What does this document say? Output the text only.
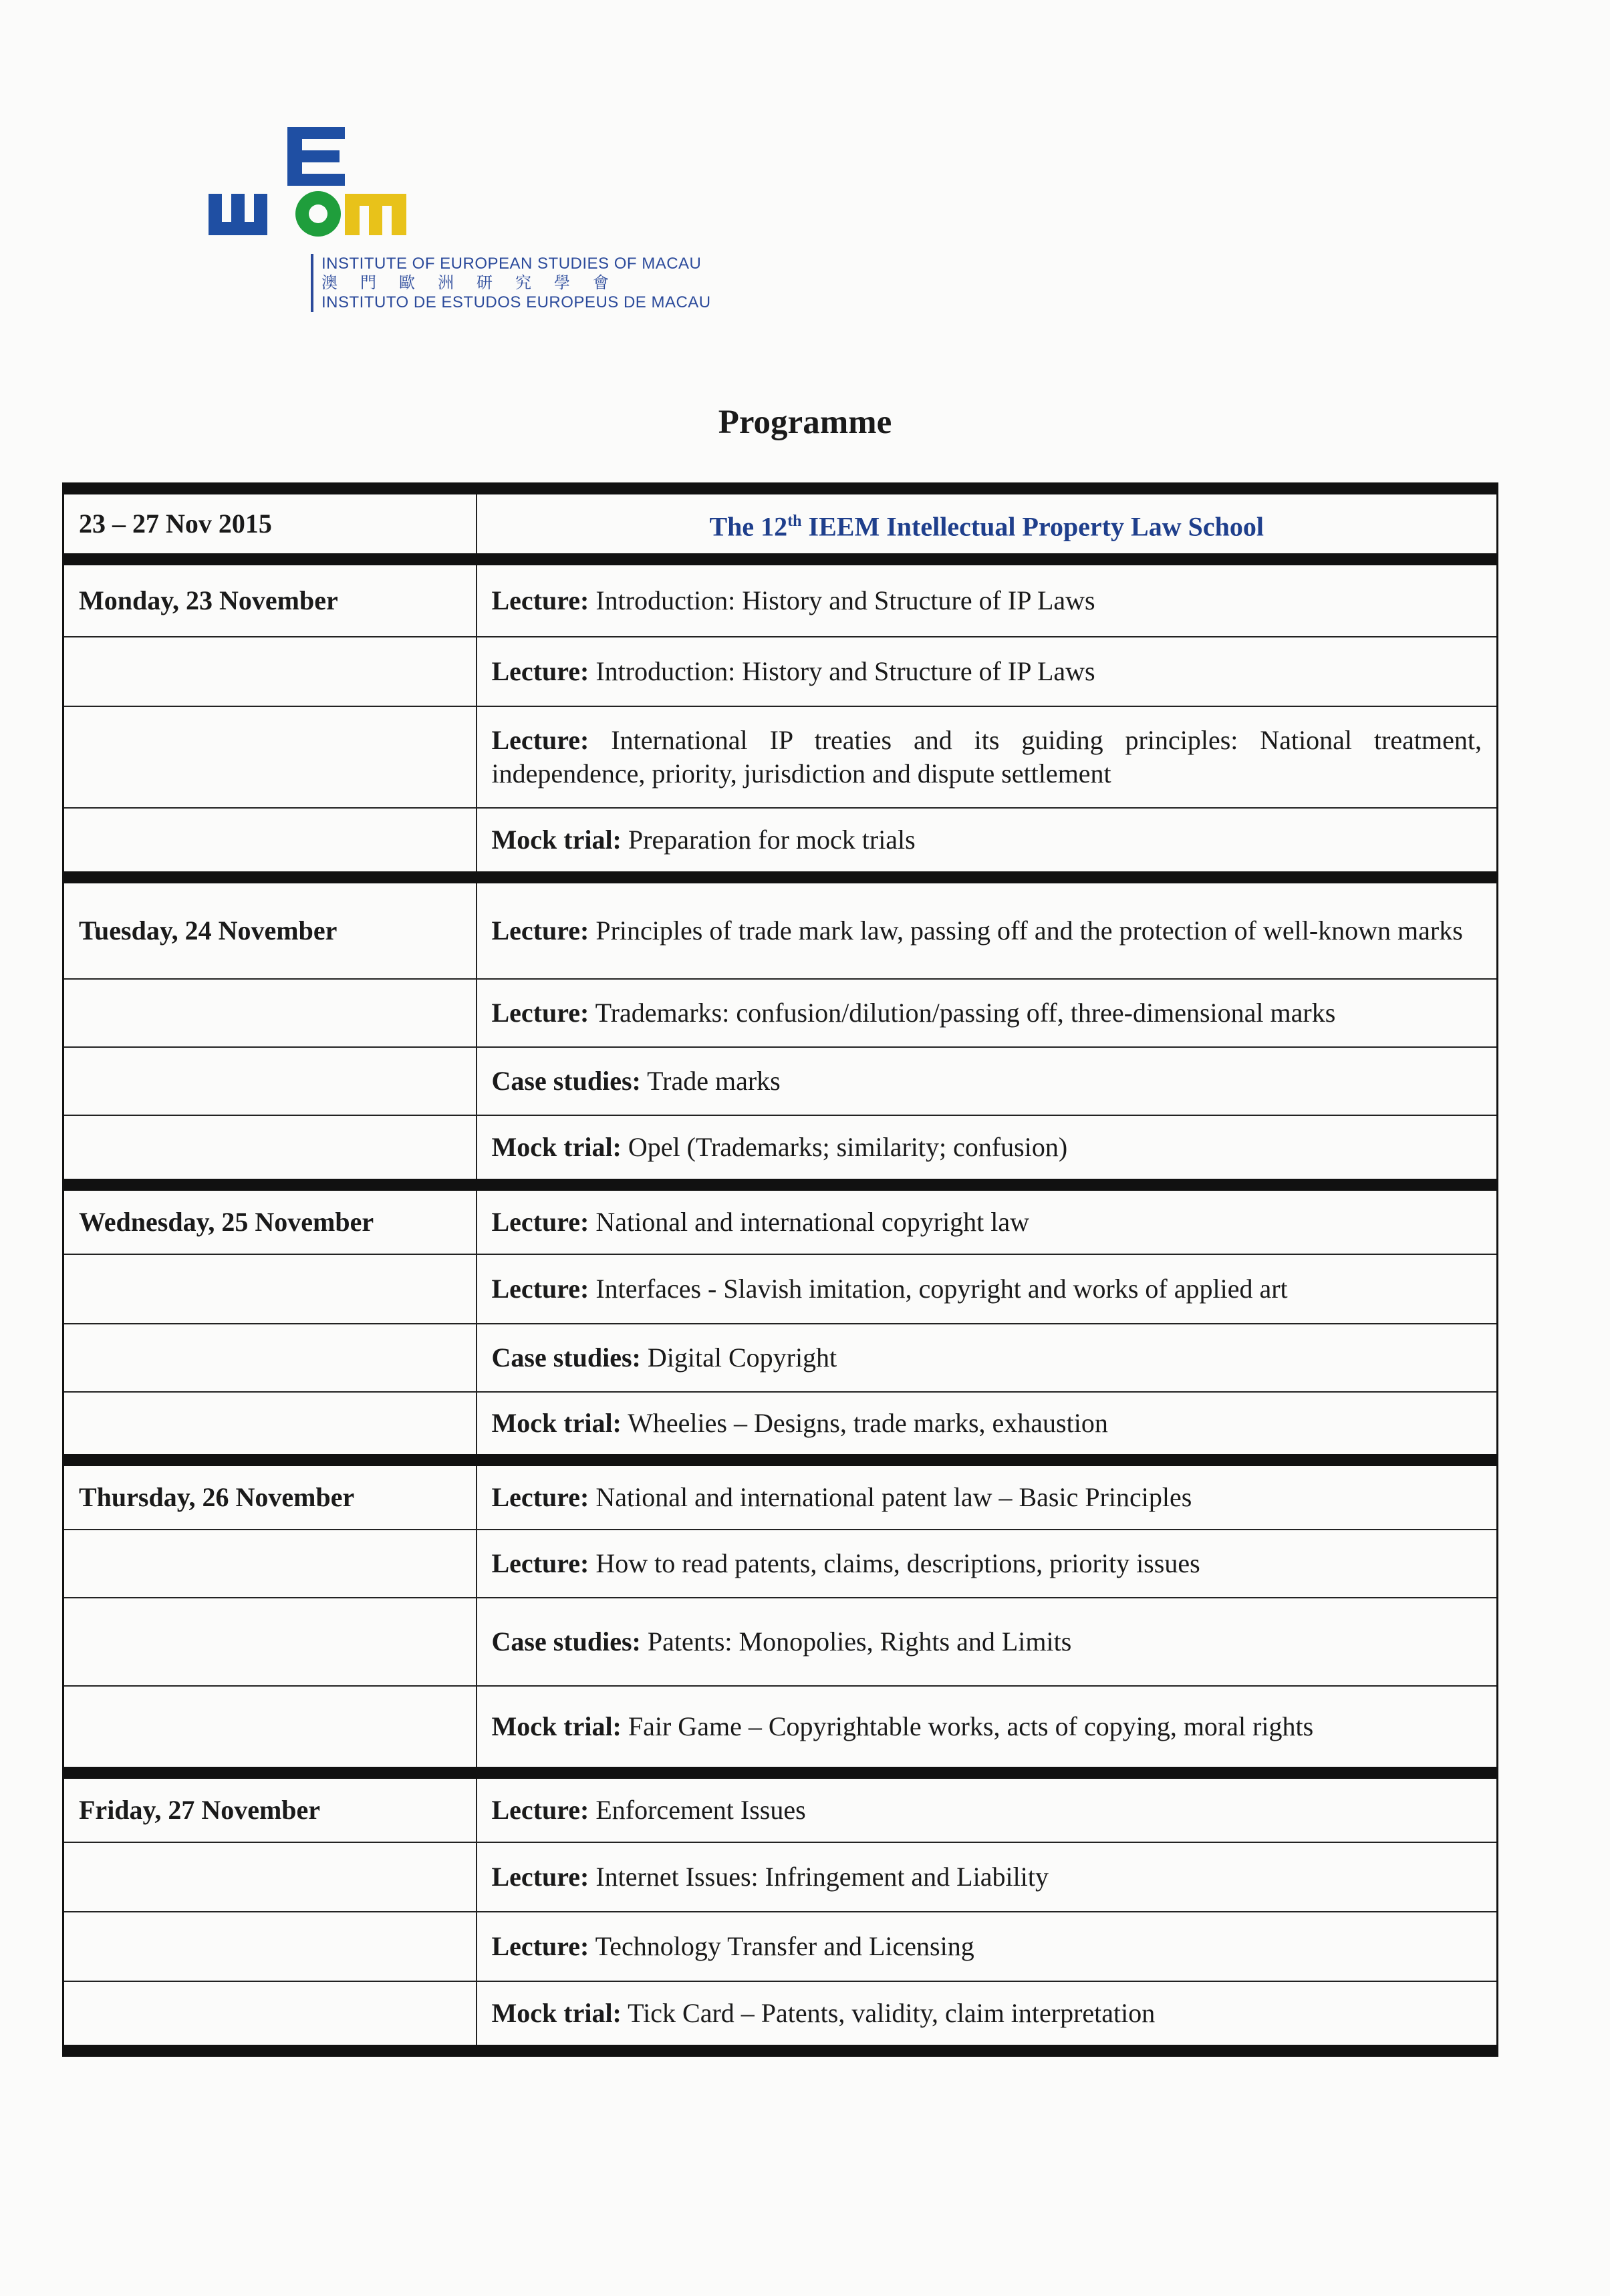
INSTITUTE OF EUROPEAN STUDIES OF MACAU
澳門歐洲研究學會
INSTITUTO DE ESTUDOS EUROPEUS DE MACAU
Programme
23 – 27 Nov 2015	The 12th IEEM Intellectual Property Law School
Monday, 23 November	Lecture: Introduction: History and Structure of IP Laws
	Lecture: Introduction: History and Structure of IP Laws
	Lecture: International IP treaties and its guiding principles: National treatment, independence, priority, jurisdiction and dispute settlement
	Mock trial: Preparation for mock trials
Tuesday, 24 November	Lecture: Principles of trade mark law, passing off and the protection of well-known marks
	Lecture: Trademarks: confusion/dilution/passing off, three-dimensional marks
	Case studies: Trade marks
	Mock trial: Opel (Trademarks; similarity; confusion)
Wednesday, 25 November	Lecture: National and international copyright law
	Lecture: Interfaces - Slavish imitation, copyright and works of applied art
	Case studies: Digital Copyright
	Mock trial: Wheelies – Designs, trade marks, exhaustion
Thursday, 26 November	Lecture: National and international patent law – Basic Principles
	Lecture: How to read patents, claims, descriptions, priority issues
	Case studies: Patents: Monopolies, Rights and Limits
	Mock trial: Fair Game – Copyrightable works, acts of copying, moral rights
Friday, 27 November	Lecture: Enforcement Issues
	Lecture: Internet Issues: Infringement and Liability
	Lecture: Technology Transfer and Licensing
	Mock trial: Tick Card – Patents, validity, claim interpretation
